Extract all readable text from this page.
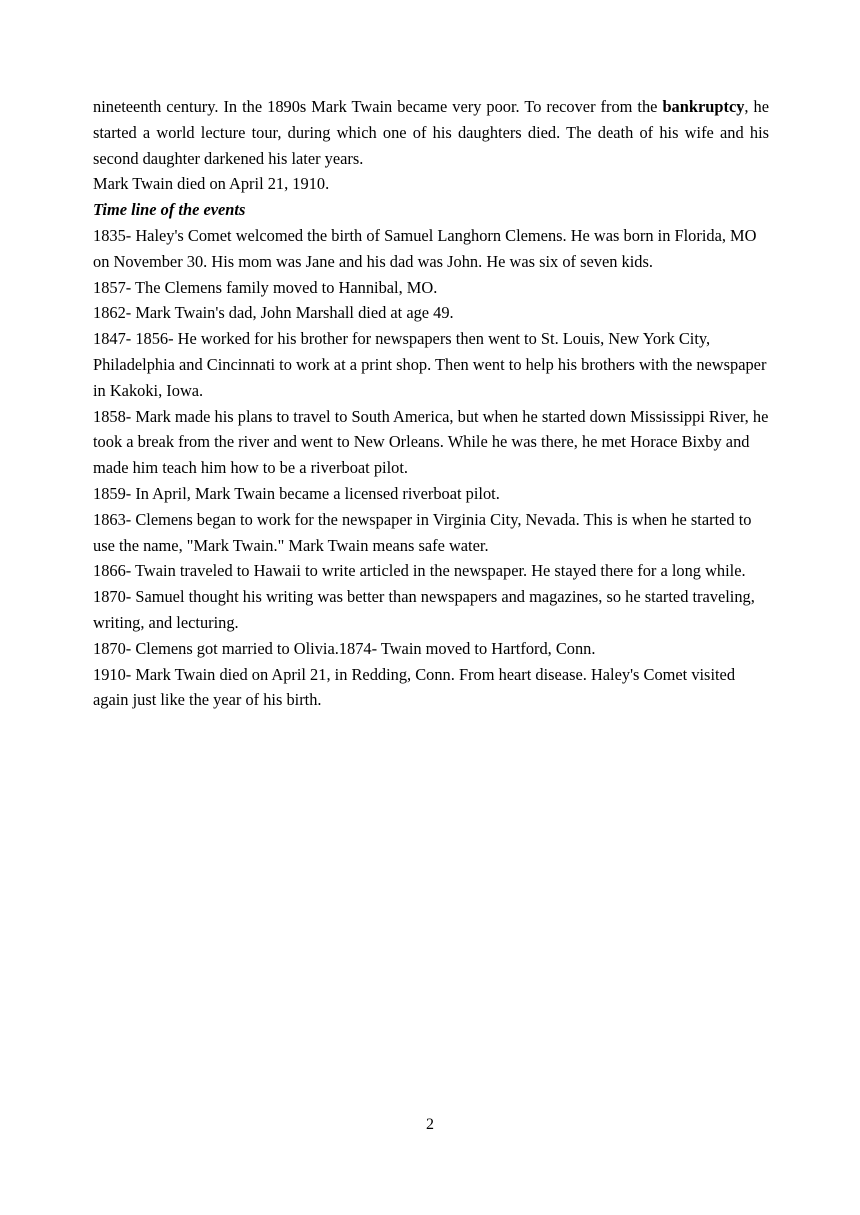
nineteenth century. In the 1890s Mark Twain became very poor. To recover from the bankruptcy, he started a world lecture tour, during which one of his daughters died. The death of his wife and his second daughter darkened his later years.

Mark Twain died on April 21, 1910.

Time line of the events

1835- Haley's Comet welcomed the birth of Samuel Langhorn Clemens. He was born in Florida, MO on November 30. His mom was Jane and his dad was John. He was six of seven kids.

1857- The Clemens family moved to Hannibal, MO.

1862- Mark Twain's dad, John Marshall died at age 49.

1847- 1856- He worked for his brother for newspapers then went to St. Louis, New York City, Philadelphia and Cincinnati to work at a print shop. Then went to help his brothers with the newspaper in Kakoki, Iowa.

1858- Mark made his plans to travel to South America, but when he started down Mississippi River, he took a break from the river and went to New Orleans. While he was there, he met Horace Bixby and made him teach him how to be a riverboat pilot.

1859- In April, Mark Twain became a licensed riverboat pilot.

1863- Clemens began to work for the newspaper in Virginia City, Nevada. This is when he started to use the name, "Mark Twain." Mark Twain means safe water.

1866- Twain traveled to Hawaii to write articled in the newspaper. He stayed there for a long while.

1870- Samuel thought his writing was better than newspapers and magazines, so he started traveling, writing, and lecturing.

1870- Clemens got married to Olivia.1874- Twain moved to Hartford, Conn.

1910- Mark Twain died on April 21, in Redding, Conn. From heart disease. Haley's Comet visited again just like the year of his birth.

2
